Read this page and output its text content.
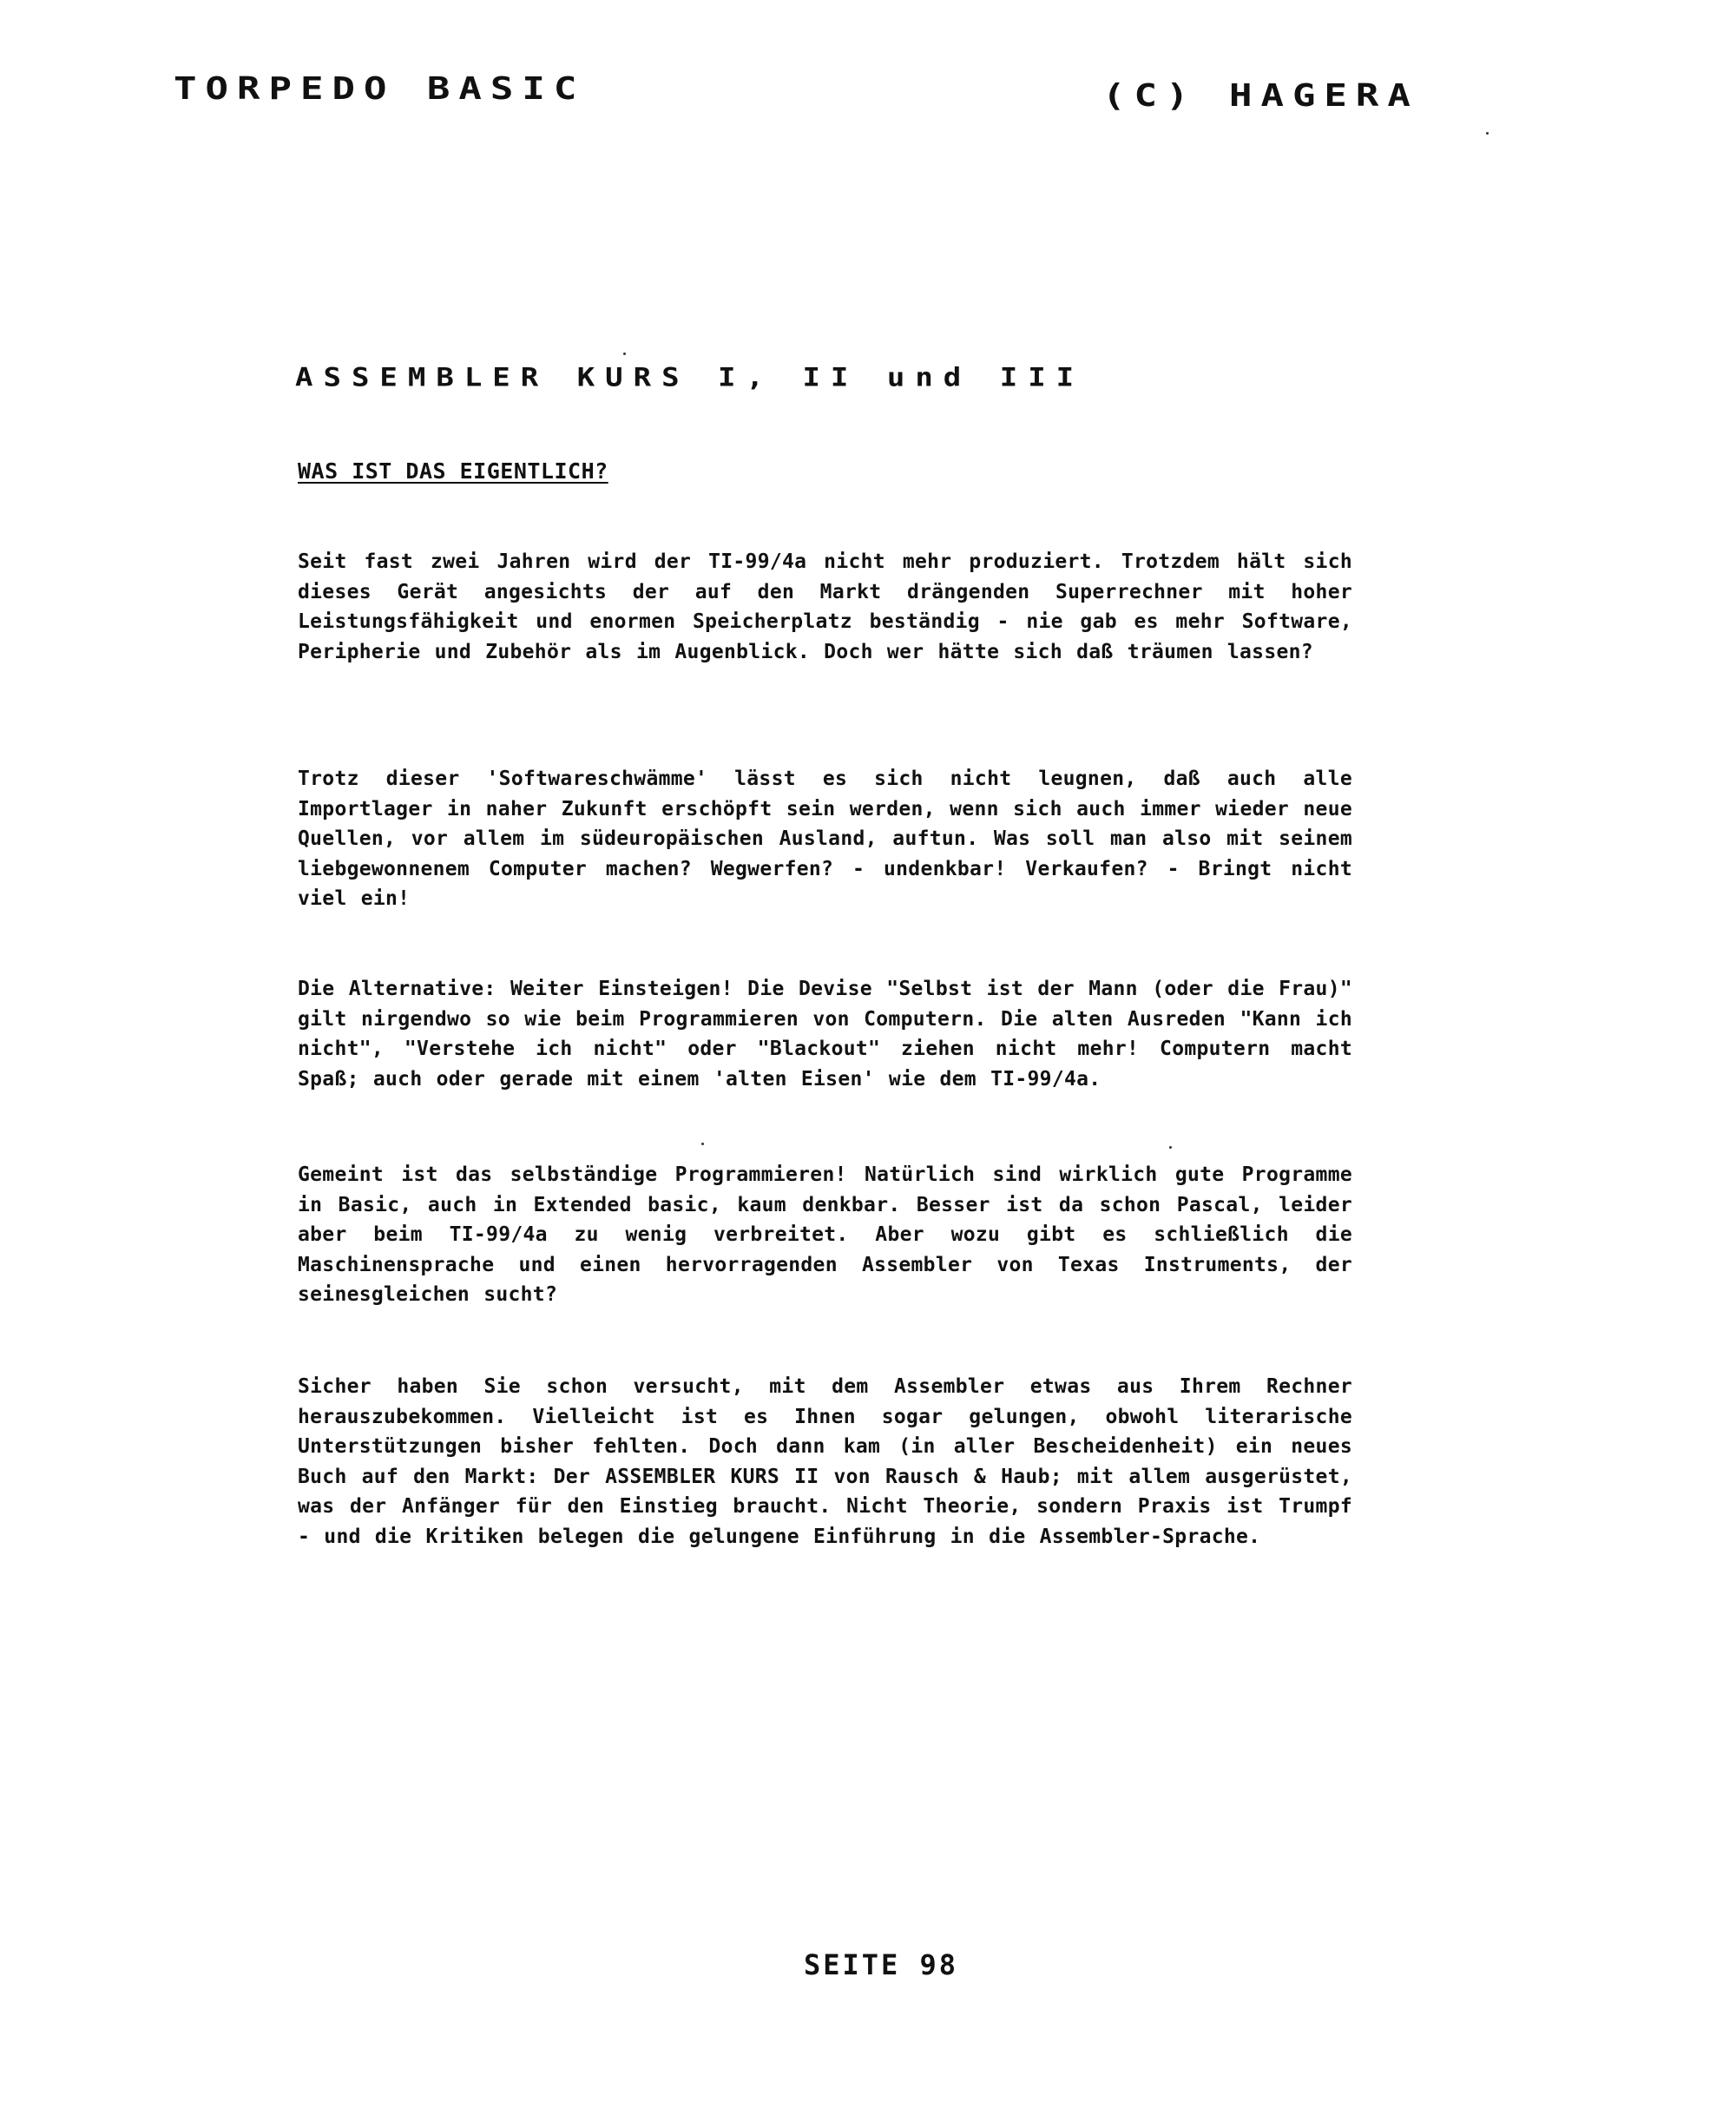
TORPEDO BASIC	(C) HAGERA
ASSEMBLER KURS I, II und III
WAS IST DAS EIGENTLICH?
Seit fast zwei Jahren wird der TI-99/4a nicht mehr produziert. Trotzdem hält sich dieses Gerät angesichts der auf den Markt drängenden Superrechner mit hoher Leistungsfähigkeit und enormen Speicherplatz beständig - nie gab es mehr Software, Peripherie und Zubehör als im Augenblick. Doch wer hätte sich daß träumen lassen?
Trotz dieser 'Softwareschwämme' lässt es sich nicht leugnen, daß auch alle Importlager in naher Zukunft erschöpft sein werden, wenn sich auch immer wieder neue Quellen, vor allem im südeuropäischen Ausland, auftun. Was soll man also mit seinem liebgewonnenem Computer machen? Wegwerfen? - undenkbar! Verkaufen? - Bringt nicht viel ein!
Die Alternative: Weiter Einsteigen! Die Devise "Selbst ist der Mann (oder die Frau)" gilt nirgendwo so wie beim Programmieren von Computern. Die alten Ausreden "Kann ich nicht", "Verstehe ich nicht" oder "Blackout" ziehen nicht mehr! Computern macht Spaß; auch oder gerade mit einem 'alten Eisen' wie dem TI-99/4a.
Gemeint ist das selbständige Programmieren! Natürlich sind wirklich gute Programme in Basic, auch in Extended basic, kaum denkbar. Besser ist da schon Pascal, leider aber beim TI-99/4a zu wenig verbreitet. Aber wozu gibt es schließlich die Maschinensprache und einen hervorragenden Assembler von Texas Instruments, der seinesgleichen sucht?
Sicher haben Sie schon versucht, mit dem Assembler etwas aus Ihrem Rechner herauszubekommen. Vielleicht ist es Ihnen sogar gelungen, obwohl literarische Unterstützungen bisher fehlten. Doch dann kam (in aller Bescheidenheit) ein neues Buch auf den Markt: Der ASSEMBLER KURS II von Rausch & Haub; mit allem ausgerüstet, was der Anfänger für den Einstieg braucht. Nicht Theorie, sondern Praxis ist Trumpf - und die Kritiken belegen die gelungene Einführung in die Assembler-Sprache.
SEITE 98
